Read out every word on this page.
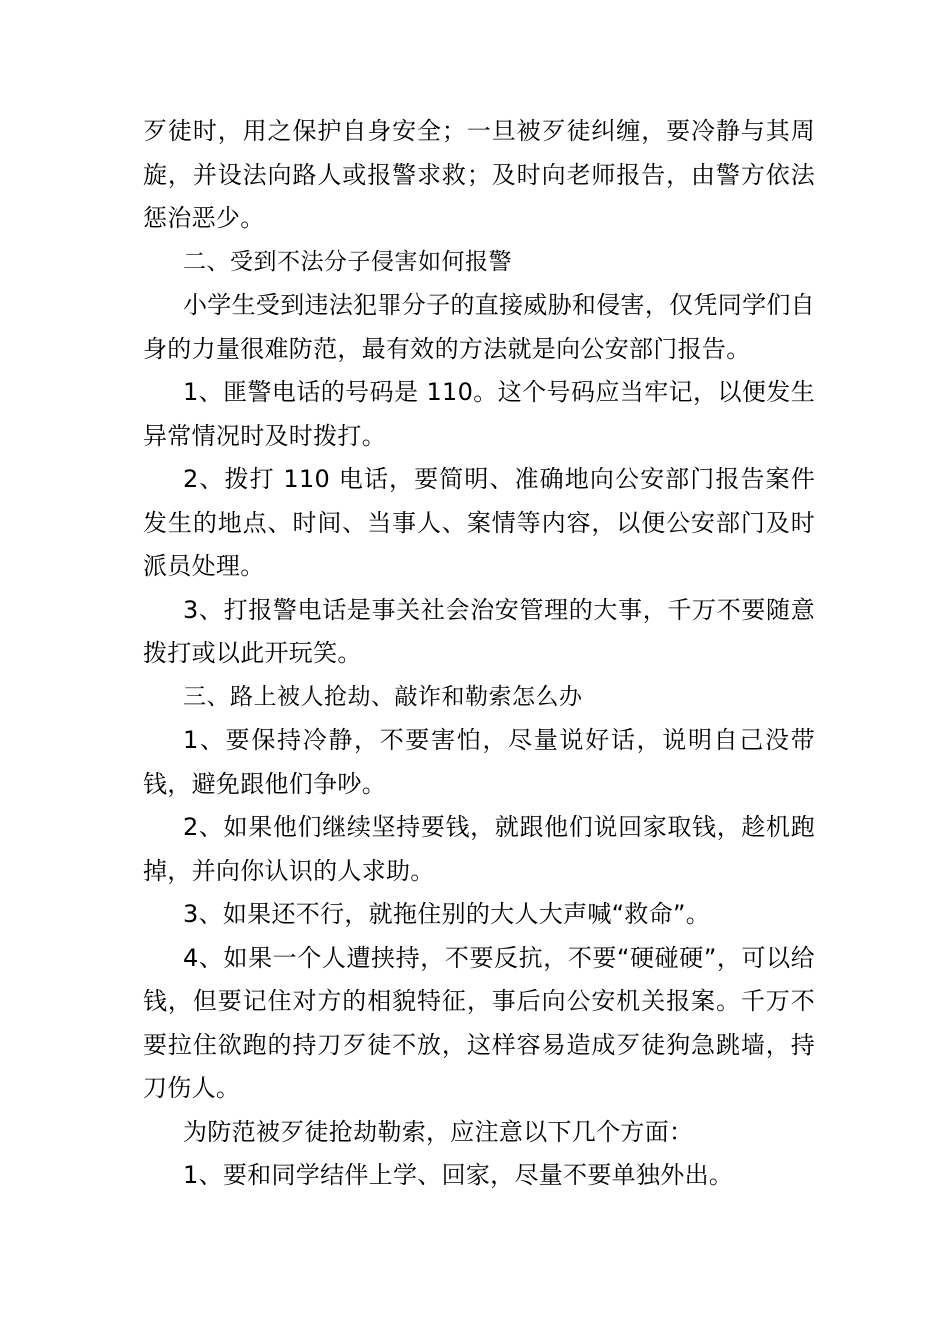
歹徒时，用之保护自身安全；一旦被歹徒纠缠，要冷静与其周旋，并设法向路人或报警求救；及时向老师报告，由警方依法惩治恶少。

二、受到不法分子侵害如何报警

小学生受到违法犯罪分子的直接威胁和侵害，仅凭同学们自身的力量很难防范，最有效的方法就是向公安部门报告。

1、匪警电话的号码是 110。这个号码应当牢记，以便发生异常情况时及时拨打。

2、拨打 110 电话，要简明、准确地向公安部门报告案件发生的地点、时间、当事人、案情等内容，以便公安部门及时派员处理。

3、打报警电话是事关社会治安管理的大事，千万不要随意拨打或以此开玩笑。

三、路上被人抢劫、敲诈和勒索怎么办

1、要保持冷静，不要害怕，尽量说好话，说明自己没带钱，避免跟他们争吵。

2、如果他们继续坚持要钱，就跟他们说回家取钱，趁机跑掉，并向你认识的人求助。

3、如果还不行，就拖住别的大人大声喊“救命”。

4、如果一个人遭挟持，不要反抗，不要“硬碰硬”，可以给钱，但要记住对方的相貌特征，事后向公安机关报案。千万不要拉住欲跑的持刀歹徒不放，这样容易造成歹徒狗急跳墙，持刀伤人。

为防范被歹徒抢劫勒索，应注意以下几个方面：

1、要和同学结伴上学、回家，尽量不要单独外出。
